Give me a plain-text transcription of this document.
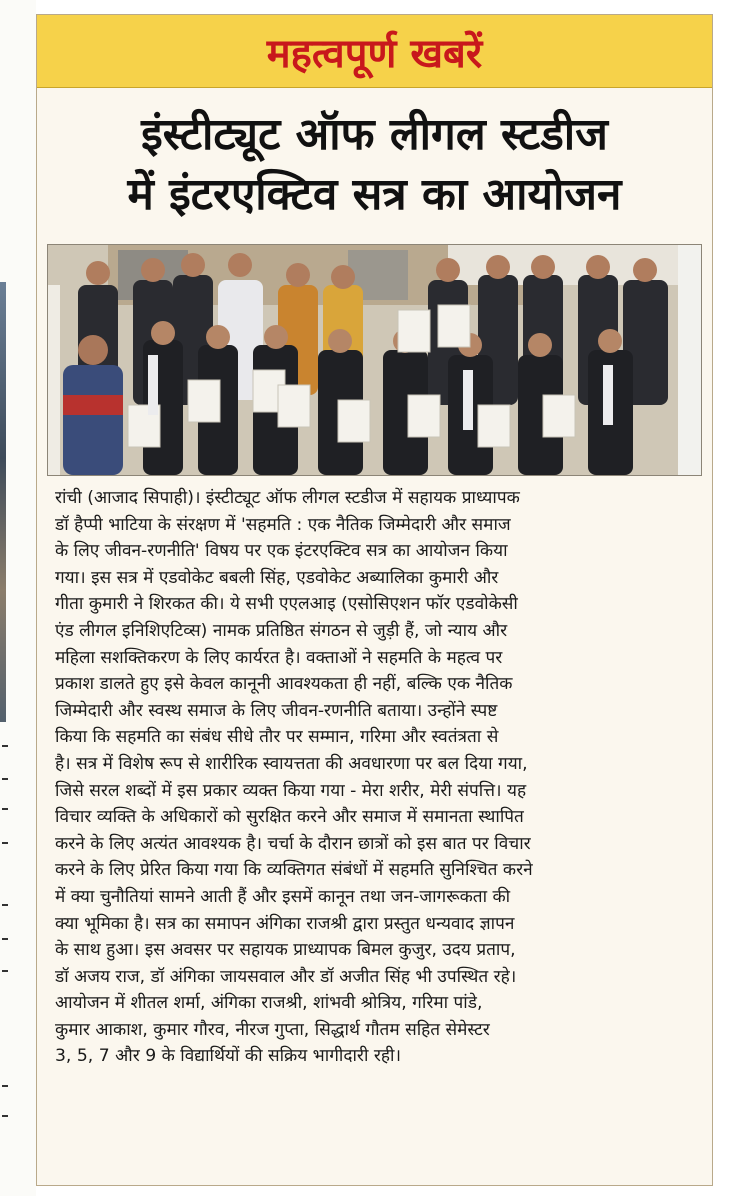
महत्वपूर्ण खबरें
इंस्टीट्यूट ऑफ लीगल स्टडीज
में इंटरएक्टिव सत्र का आयोजन
रांची (आजाद सिपाही)। इंस्टीट्यूट ऑफ लीगल स्टडीज में सहायक प्राध्यापक
डॉ हैप्पी भाटिया के संरक्षण में 'सहमति : एक नैतिक जिम्मेदारी और समाज
के लिए जीवन-रणनीति' विषय पर एक इंटरएक्टिव सत्र का आयोजन किया
गया। इस सत्र में एडवोकेट बबली सिंह, एडवोकेट अब्यालिका कुमारी और
गीता कुमारी ने शिरकत की। ये सभी एएलआइ (एसोसिएशन फॉर एडवोकेसी
एंड लीगल इनिशिएटिव्स) नामक प्रतिष्ठित संगठन से जुड़ी हैं, जो न्याय और
महिला सशक्तिकरण के लिए कार्यरत है। वक्ताओं ने सहमति के महत्व पर
प्रकाश डालते हुए इसे केवल कानूनी आवश्यकता ही नहीं, बल्कि एक नैतिक
जिम्मेदारी और स्वस्थ समाज के लिए जीवन-रणनीति बताया। उन्होंने स्पष्ट
किया कि सहमति का संबंध सीधे तौर पर सम्मान, गरिमा और स्वतंत्रता से
है। सत्र में विशेष रूप से शारीरिक स्वायत्तता की अवधारणा पर बल दिया गया,
जिसे सरल शब्दों में इस प्रकार व्यक्त किया गया - मेरा शरीर, मेरी संपत्ति। यह
विचार व्यक्ति के अधिकारों को सुरक्षित करने और समाज में समानता स्थापित
करने के लिए अत्यंत आवश्यक है। चर्चा के दौरान छात्रों को इस बात पर विचार
करने के लिए प्रेरित किया गया कि व्यक्तिगत संबंधों में सहमति सुनिश्चित करने
में क्या चुनौतियां सामने आती हैं और इसमें कानून तथा जन-जागरूकता की
क्या भूमिका है। सत्र का समापन अंगिका राजश्री द्वारा प्रस्तुत धन्यवाद ज्ञापन
के साथ हुआ। इस अवसर पर सहायक प्राध्यापक बिमल कुजुर, उदय प्रताप,
डॉ अजय राज, डॉ अंगिका जायसवाल और डॉ अजीत सिंह भी उपस्थित रहे।
आयोजन में शीतल शर्मा, अंगिका राजश्री, शांभवी श्रोत्रिय, गरिमा पांडे,
कुमार आकाश, कुमार गौरव, नीरज गुप्ता, सिद्धार्थ गौतम सहित सेमेस्टर
3, 5, 7 और 9 के विद्यार्थियों की सक्रिय भागीदारी रही।
